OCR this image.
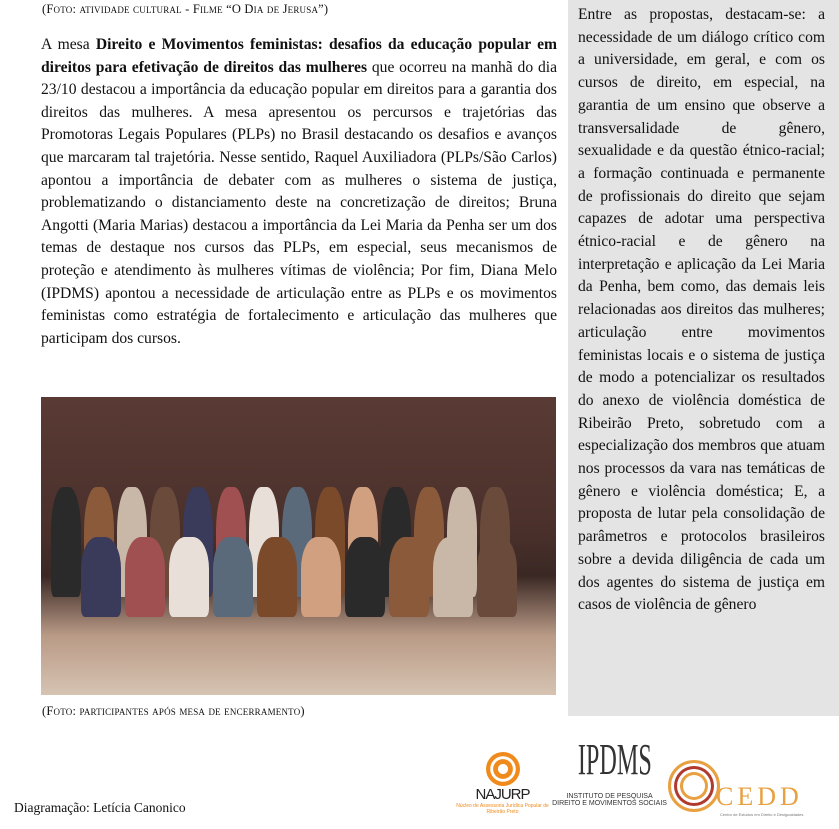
(Foto: atividade cultural - Filme “O Dia de Jerusa”)
A mesa Direito e Movimentos feministas: desafios da educação popular em direitos para efetivação de direitos das mulheres que ocorreu na manhã do dia 23/10 destacou a importância da educação popular em direitos para a garantia dos direitos das mulheres. A mesa apresentou os percursos e trajetórias das Promotoras Legais Populares (PLPs) no Brasil destacando os desafios e avanços que marcaram tal trajetória. Nesse sentido, Raquel Auxiliadora (PLPs/São Carlos) apontou a importância de debater com as mulheres o sistema de justiça, problematizando o distanciamento deste na concretização de direitos; Bruna Angotti (Maria Marias) destacou a importância da Lei Maria da Penha ser um dos temas de destaque nos cursos das PLPs, em especial, seus mecanismos de proteção e atendimento às mulheres vítimas de violência; Por fim, Diana Melo (IPDMS) apontou a necessidade de articulação entre as PLPs e os movimentos feministas como estratégia de fortalecimento e articulação das mulheres que participam dos cursos.
(Foto: participantes após mesa de encerramento)

Entre as propostas, destacam-se: a necessidade de um diálogo crítico com a universidade, em geral, e com os cursos de direito, em especial, na garantia de um ensino que observe a transversalidade de gênero, sexualidade e da questão étnico-racial; a formação continuada e permanente de profissionais do direito que sejam capazes de adotar uma perspectiva étnico-racial e de gênero na interpretação e aplicação da Lei Maria da Penha, bem como, das demais leis relacionadas aos direitos das mulheres; articulação entre movimentos feministas locais e o sistema de justiça de modo a potencializar os resultados do anexo de violência doméstica de Ribeirão Preto, sobretudo com a especialização dos membros que atuam nos processos da vara nas temáticas de gênero e violência doméstica; E, a proposta de lutar pela consolidação de parâmetros e protocolos brasileiros sobre a devida diligência de cada um dos agentes do sistema de justiça em casos de violência de gênero

Diagramação: Letícia Canonico
NAJURP
Núcleo de Assessoria Jurídica Popular de Ribeirão Preto
IPDMS
INSTITUTO DE PESQUISA
DIREITO E MOVIMENTOS SOCIAIS CEDD
Centro de Estudos em Direito e Desigualdades
